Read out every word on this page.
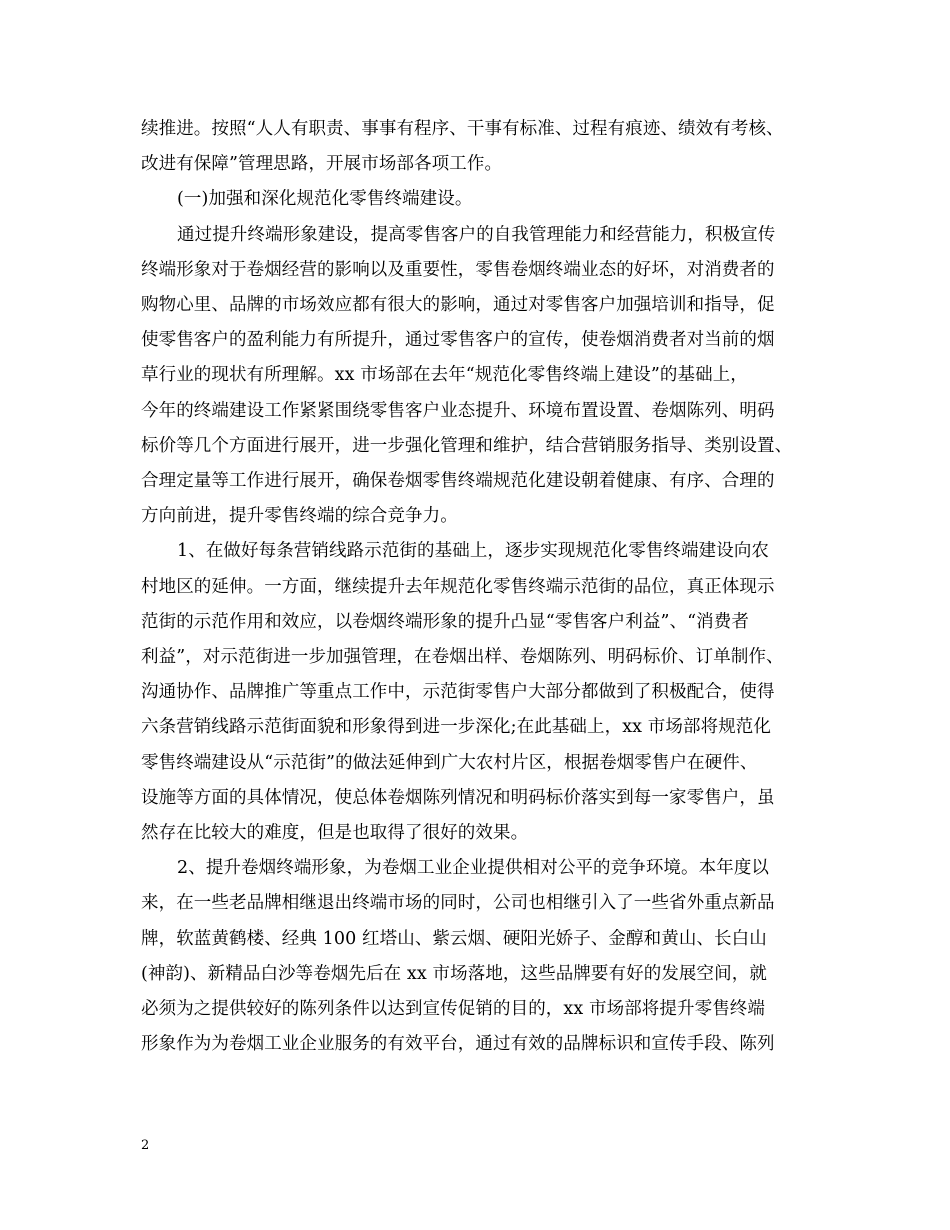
续推进。按照“人人有职责、事事有程序、干事有标准、过程有痕迹、绩效有考核、
改进有保障”管理思路，开展市场部各项工作。
(一)加强和深化规范化零售终端建设。
通过提升终端形象建设，提高零售客户的自我管理能力和经营能力，积极宣传
终端形象对于卷烟经营的影响以及重要性，零售卷烟终端业态的好坏，对消费者的
购物心里、品牌的市场效应都有很大的影响，通过对零售客户加强培训和指导，促
使零售客户的盈利能力有所提升，通过零售客户的宣传，使卷烟消费者对当前的烟
草行业的现状有所理解。xx 市场部在去年“规范化零售终端上建设”的基础上，
今年的终端建设工作紧紧围绕零售客户业态提升、环境布置设置、卷烟陈列、明码
标价等几个方面进行展开，进一步强化管理和维护，结合营销服务指导、类别设置、
合理定量等工作进行展开，确保卷烟零售终端规范化建设朝着健康、有序、合理的
方向前进，提升零售终端的综合竞争力。
1、在做好每条营销线路示范街的基础上，逐步实现规范化零售终端建设向农
村地区的延伸。一方面，继续提升去年规范化零售终端示范街的品位，真正体现示
范街的示范作用和效应，以卷烟终端形象的提升凸显“零售客户利益”、“消费者
利益”，对示范街进一步加强管理，在卷烟出样、卷烟陈列、明码标价、订单制作、
沟通协作、品牌推广等重点工作中，示范街零售户大部分都做到了积极配合，使得
六条营销线路示范街面貌和形象得到进一步深化;在此基础上，xx 市场部将规范化
零售终端建设从“示范街”的做法延伸到广大农村片区，根据卷烟零售户在硬件、
设施等方面的具体情况，使总体卷烟陈列情况和明码标价落实到每一家零售户，虽
然存在比较大的难度，但是也取得了很好的效果。
2、提升卷烟终端形象，为卷烟工业企业提供相对公平的竞争环境。本年度以
来，在一些老品牌相继退出终端市场的同时，公司也相继引入了一些省外重点新品
牌，软蓝黄鹤楼、经典 100 红塔山、紫云烟、硬阳光娇子、金醇和黄山、长白山
(神韵)、新精品白沙等卷烟先后在 xx 市场落地，这些品牌要有好的发展空间，就
必须为之提供较好的陈列条件以达到宣传促销的目的，xx 市场部将提升零售终端
形象作为为卷烟工业企业服务的有效平台，通过有效的品牌标识和宣传手段、陈列
2
